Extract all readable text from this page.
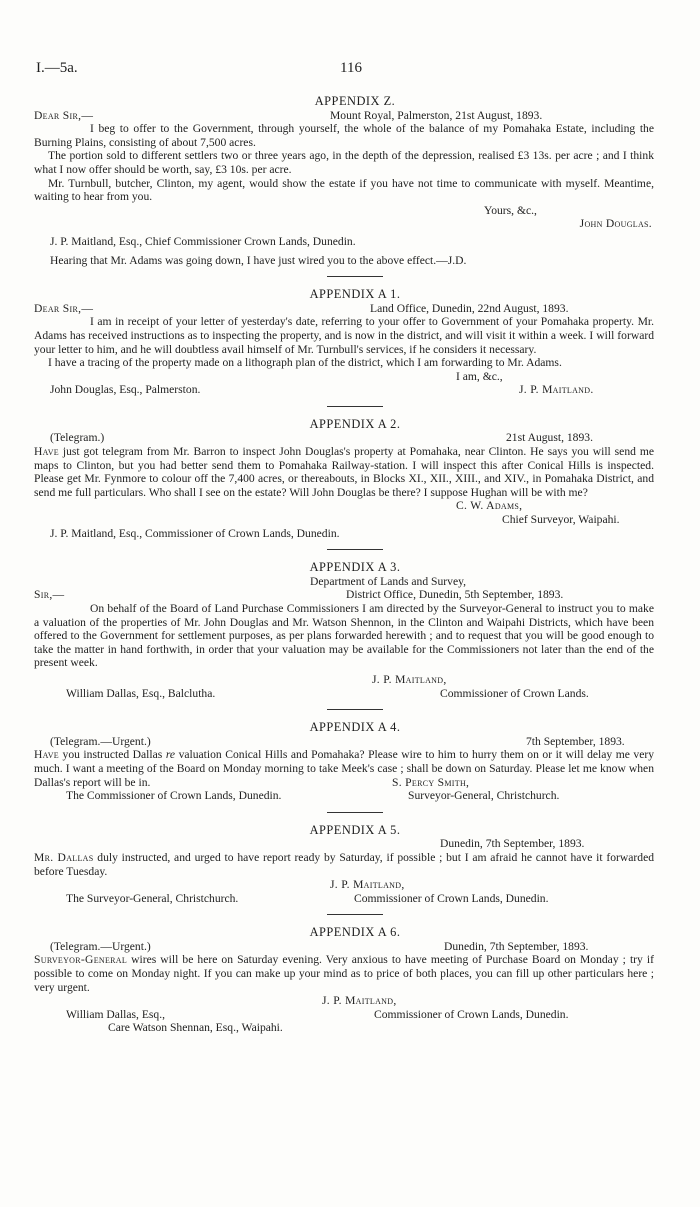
I.—5a.	116
APPENDIX Z.
Dear Sir,—	Mount Royal, Palmerston, 21st August, 1893.

I beg to offer to the Government, through yourself, the whole of the balance of my Pomahaka Estate, including the Burning Plains, consisting of about 7,500 acres.

The portion sold to different settlers two or three years ago, in the depth of the depression, realised £3 13s. per acre ; and I think what I now offer should be worth, say, £3 10s. per acre.

Mr. Turnbull, butcher, Clinton, my agent, would show the estate if you have not time to communicate with myself. Meantime, waiting to hear from you.

Yours, &c.,
John Douglas.

J. P. Maitland, Esq., Chief Commissioner Crown Lands, Dunedin.

Hearing that Mr. Adams was going down, I have just wired you to the above effect.—J.D.

APPENDIX A 1.
Dear Sir,—	Land Office, Dunedin, 22nd August, 1893.

I am in receipt of your letter of yesterday's date, referring to your offer to Government of your Pomahaka property. Mr. Adams has received instructions as to inspecting the property, and is now in the district, and will visit it within a week. I will forward your letter to him, and he will doubtless avail himself of Mr. Turnbull's services, if he considers it necessary.

I have a tracing of the property made on a lithograph plan of the district, which I am forwarding to Mr. Adams.

I am, &c.,
John Douglas, Esq., Palmerston.	J. P. Maitland.
APPENDIX A 2.
(Telegram.)	21st August, 1893.

Have just got telegram from Mr. Barron to inspect John Douglas's property at Pomahaka, near Clinton. He says you will send me maps to Clinton, but you had better send them to Pomahaka Railway-station. I will inspect this after Conical Hills is inspected. Please get Mr. Fynmore to colour off the 7,400 acres, or thereabouts, in Blocks XI., XII., XIII., and XIV., in Pomahaka District, and send me full particulars. Who shall I see on the estate? Will John Douglas be there? I suppose Hughan will be with me?

C. W. Adams,
Chief Surveyor, Waipahi.

J. P. Maitland, Esq., Commissioner of Crown Lands, Dunedin.

APPENDIX A 3.
Department of Lands and Survey,
Sir,—	District Office, Dunedin, 5th September, 1893.

On behalf of the Board of Land Purchase Commissioners I am directed by the Surveyor-General to instruct you to make a valuation of the properties of Mr. John Douglas and Mr. Watson Shennon, in the Clinton and Waipahi Districts, which have been offered to the Government for settlement purposes, as per plans forwarded herewith ; and to request that you will be good enough to take the matter in hand forthwith, in order that your valuation may be available for the Commissioners not later than the end of the present week.

J. P. Maitland,
William Dallas, Esq., Balclutha.	Commissioner of Crown Lands.
APPENDIX A 4.
(Telegram.—Urgent.)	7th September, 1893.

Have you instructed Dallas re valuation Conical Hills and Pomahaka? Please wire to him to hurry them on or it will delay me very much. I want a meeting of the Board on Monday morning to take Meek's case ; shall be down on Saturday. Please let me know when Dallas's report will be in.	S. Percy Smith,
The Commissioner of Crown Lands, Dunedin.	Surveyor-General, Christchurch.
APPENDIX A 5.
Dunedin, 7th September, 1893.

Mr. Dallas duly instructed, and urged to have report ready by Saturday, if possible ; but I am afraid he cannot have it forwarded before Tuesday.

J. P. Maitland,
The Surveyor-General, Christchurch.	Commissioner of Crown Lands, Dunedin.
APPENDIX A 6.
(Telegram.—Urgent.)	Dunedin, 7th September, 1893.

Surveyor-General wires will be here on Saturday evening. Very anxious to have meeting of Purchase Board on Monday ; try if possible to come on Monday night. If you can make up your mind as to price of both places, you can fill up other particulars here ; very urgent.

J. P. Maitland,
William Dallas, Esq.,	Commissioner of Crown Lands, Dunedin.
Care Watson Shennan, Esq., Waipahi.
